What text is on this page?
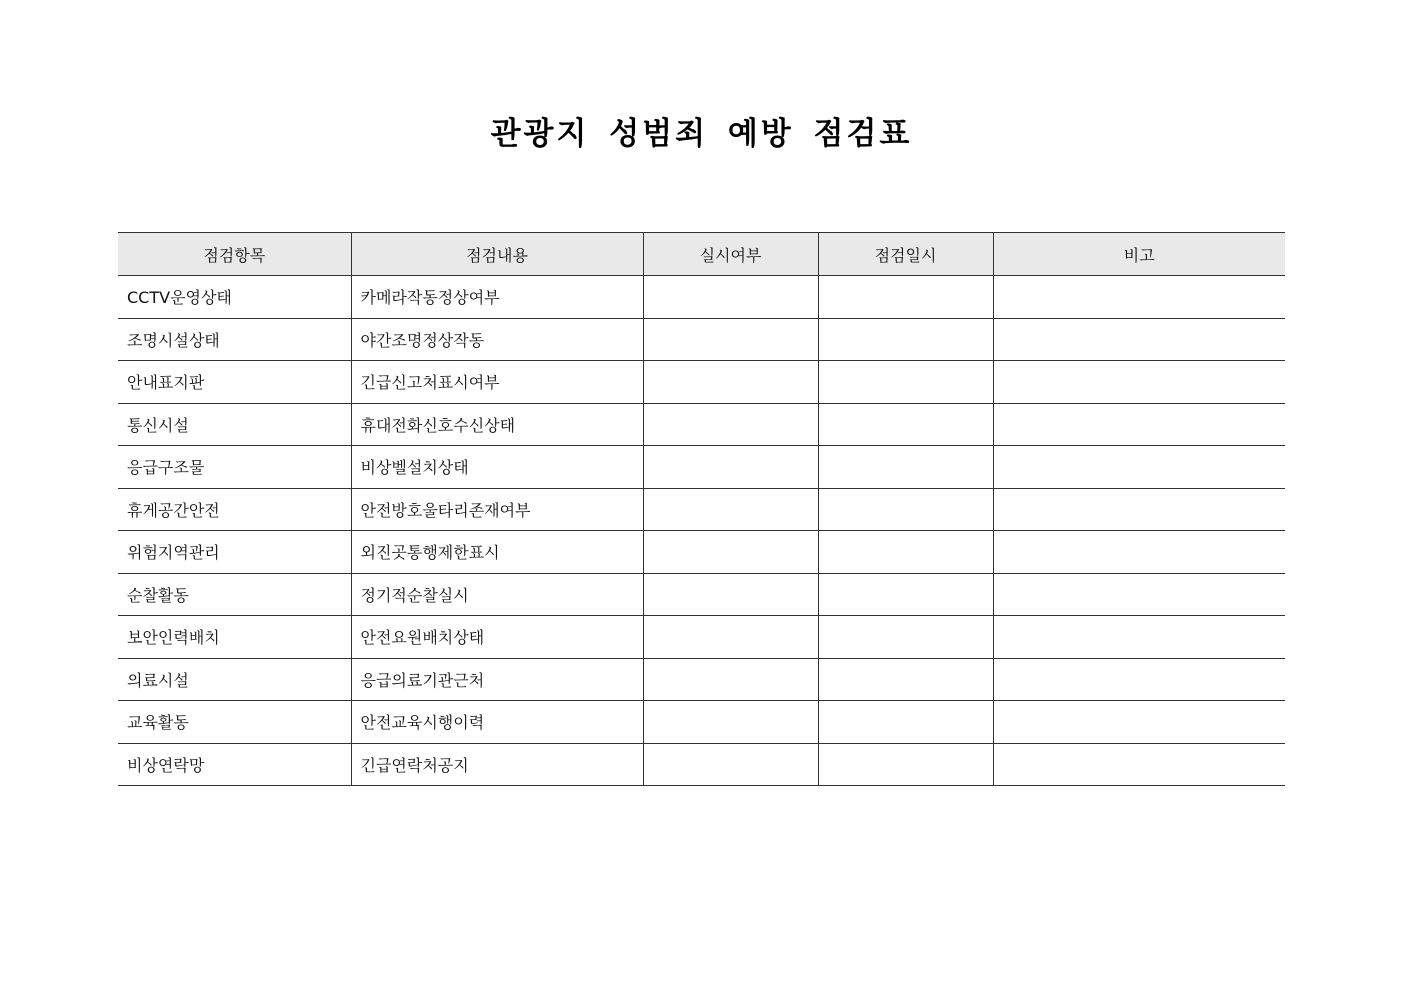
관광지 성범죄 예방 점검표
점검항목	점검내용	실시여부	점검일시	비고
CCTV운영상태	카메라작동정상여부			
조명시설상태	야간조명정상작동			
안내표지판	긴급신고처표시여부			
통신시설	휴대전화신호수신상태			
응급구조물	비상벨설치상태			
휴게공간안전	안전방호울타리존재여부			
위험지역관리	외진곳통행제한표시			
순찰활동	정기적순찰실시			
보안인력배치	안전요원배치상태			
의료시설	응급의료기관근처			
교육활동	안전교육시행이력			
비상연락망	긴급연락처공지			
